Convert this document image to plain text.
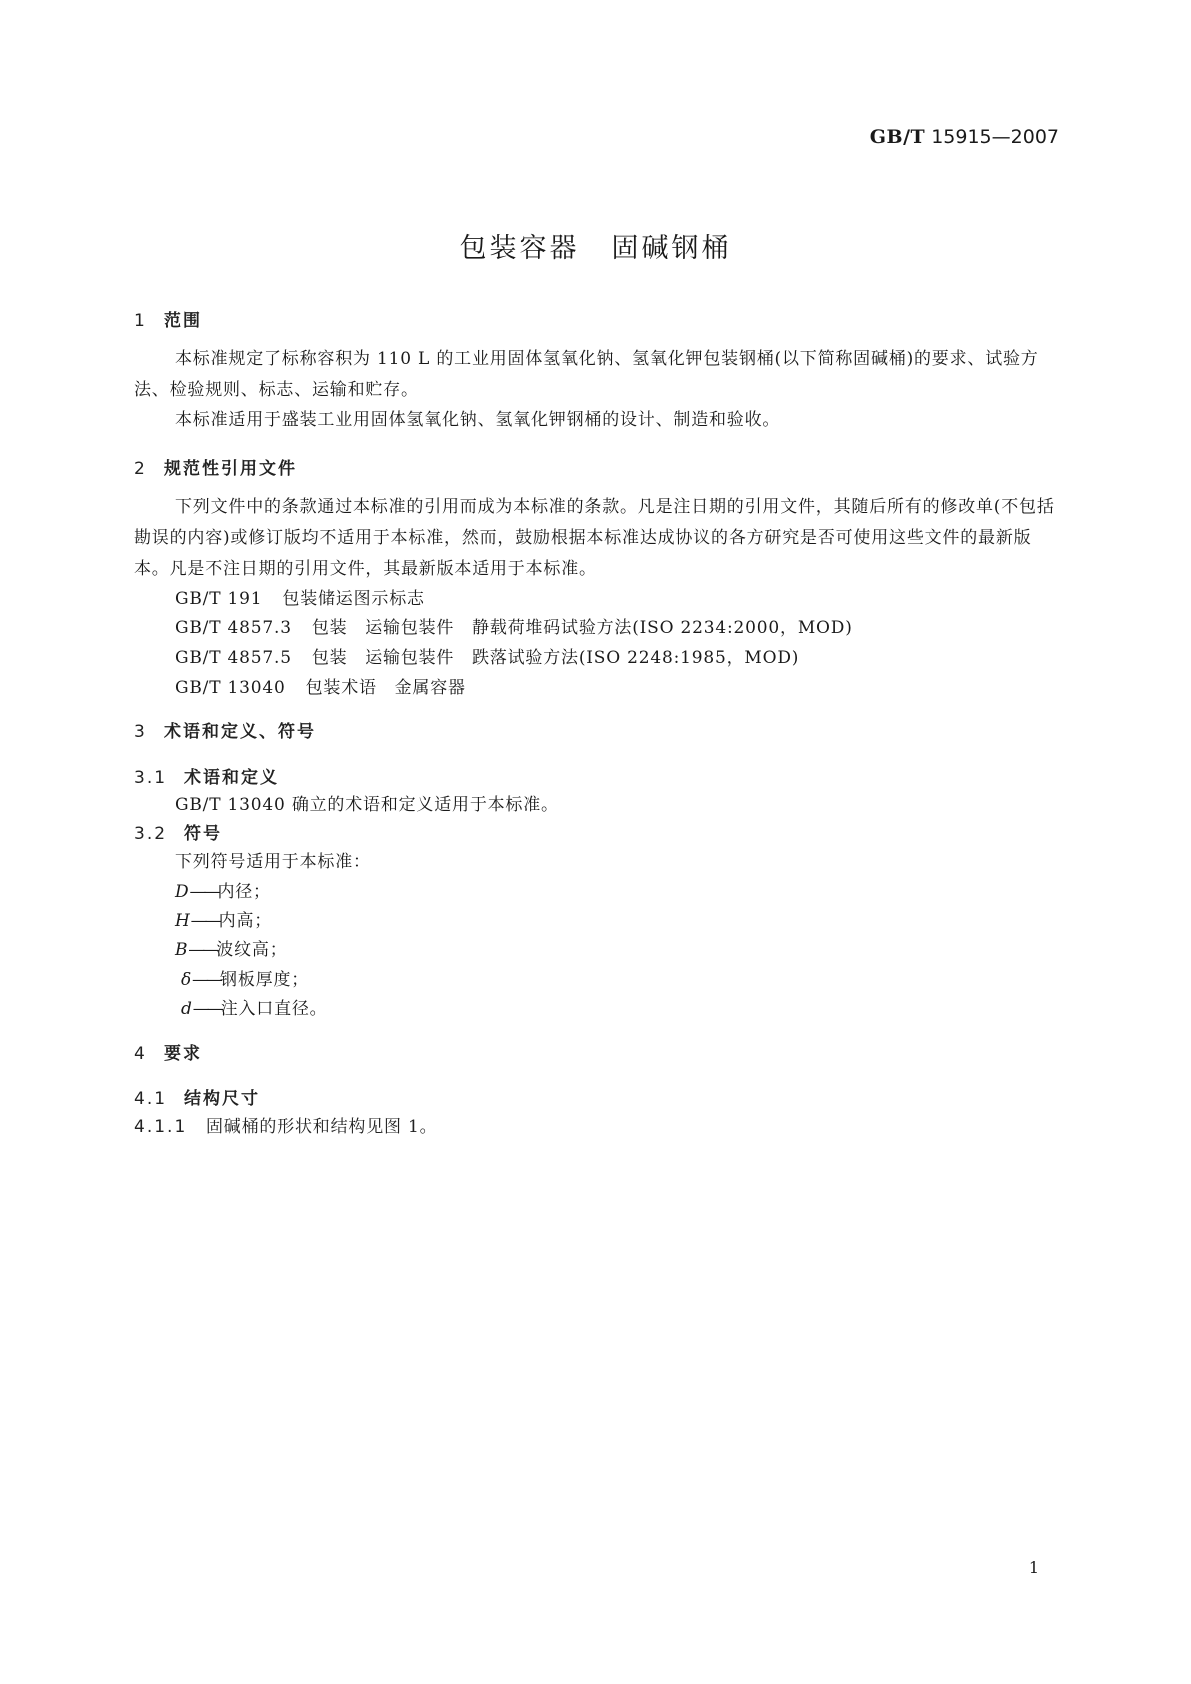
GB/T 15915—2007
包装容器 固碱钢桶
1 范围
本标准规定了标称容积为 110 L 的工业用固体氢氧化钠、氢氧化钾包装钢桶(以下简称固碱桶)的要求、试验方法、检验规则、标志、运输和贮存。
本标准适用于盛装工业用固体氢氧化钠、氢氧化钾钢桶的设计、制造和验收。
2 规范性引用文件
下列文件中的条款通过本标准的引用而成为本标准的条款。凡是注日期的引用文件，其随后所有的修改单(不包括勘误的内容)或修订版均不适用于本标准，然而，鼓励根据本标准达成协议的各方研究是否可使用这些文件的最新版本。凡是不注日期的引用文件，其最新版本适用于本标准。
GB/T 191 包装储运图示标志
GB/T 4857.3 包装　运输包装件　静载荷堆码试验方法(ISO 2234:2000，MOD)
GB/T 4857.5 包装　运输包装件　跌落试验方法(ISO 2248:1985，MOD)
GB/T 13040 包装术语　金属容器
3 术语和定义、符号
3.1 术语和定义
GB/T 13040 确立的术语和定义适用于本标准。
3.2 符号
下列符号适用于本标准：
D——内径；
H——内高；
B——波纹高；
δ——钢板厚度；
d——注入口直径。
4 要求
4.1 结构尺寸
4.1.1 固碱桶的形状和结构见图 1。
1
